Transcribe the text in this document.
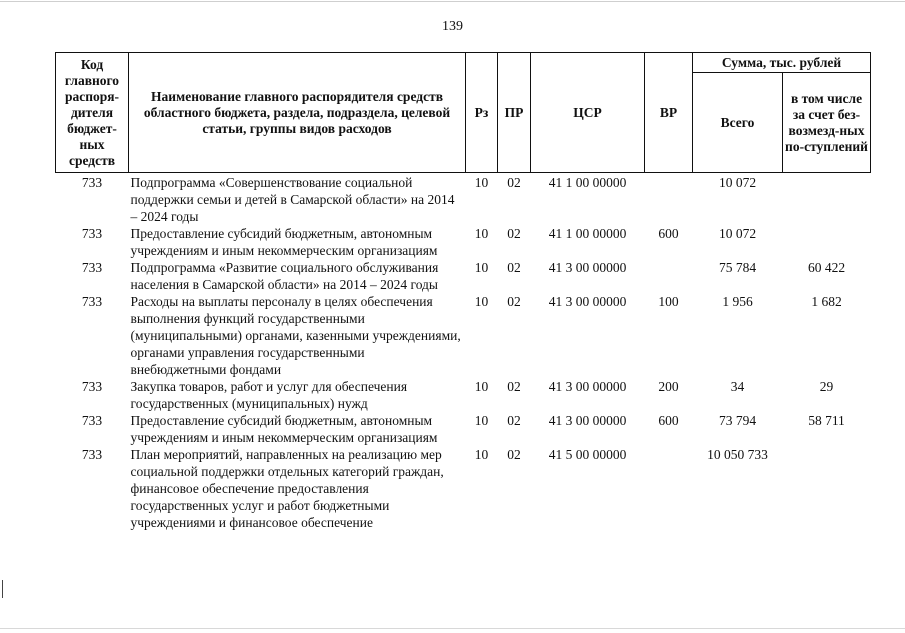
139
Код главного распоря-дителя бюджет-ных средств	Наименование главного распорядителя средств областного бюджета, раздела, подраздела, целевой статьи, группы видов расходов	Рз	ПР	ЦСР	ВР	Сумма, тыс. рублей	
						Всего	в том числе за счет без-возмезд-ных по-ступлений
733	Подпрограмма «Совершенствование социальной поддержки семьи и детей в Самарской области» на 2014 – 2024 годы	10	02	41 1 00 00000		10 072	
733	Предоставление субсидий бюджетным, автономным учреждениям и иным некоммерческим организациям	10	02	41 1 00 00000	600	10 072	
733	Подпрограмма «Развитие социального обслуживания населения в Самарской области» на 2014 – 2024 годы	10	02	41 3 00 00000		75 784	60 422
733	Расходы на выплаты персоналу в целях обеспечения выполнения функций государственными (муниципальными) органами, казенными учреждениями, органами управления государственными внебюджетными фондами	10	02	41 3 00 00000	100	1 956	1 682
733	Закупка товаров, работ и услуг для обеспечения государственных (муниципальных) нужд	10	02	41 3 00 00000	200	34	29
733	Предоставление субсидий бюджетным, автономным учреждениям и иным некоммерческим организациям	10	02	41 3 00 00000	600	73 794	58 711
733	План мероприятий, направленных на реализацию мер социальной поддержки отдельных категорий граждан, финансовое обеспечение предоставления государственных услуг и работ бюджетными учреждениями и финансовое обеспечение	10	02	41 5 00 00000		10 050 733	
